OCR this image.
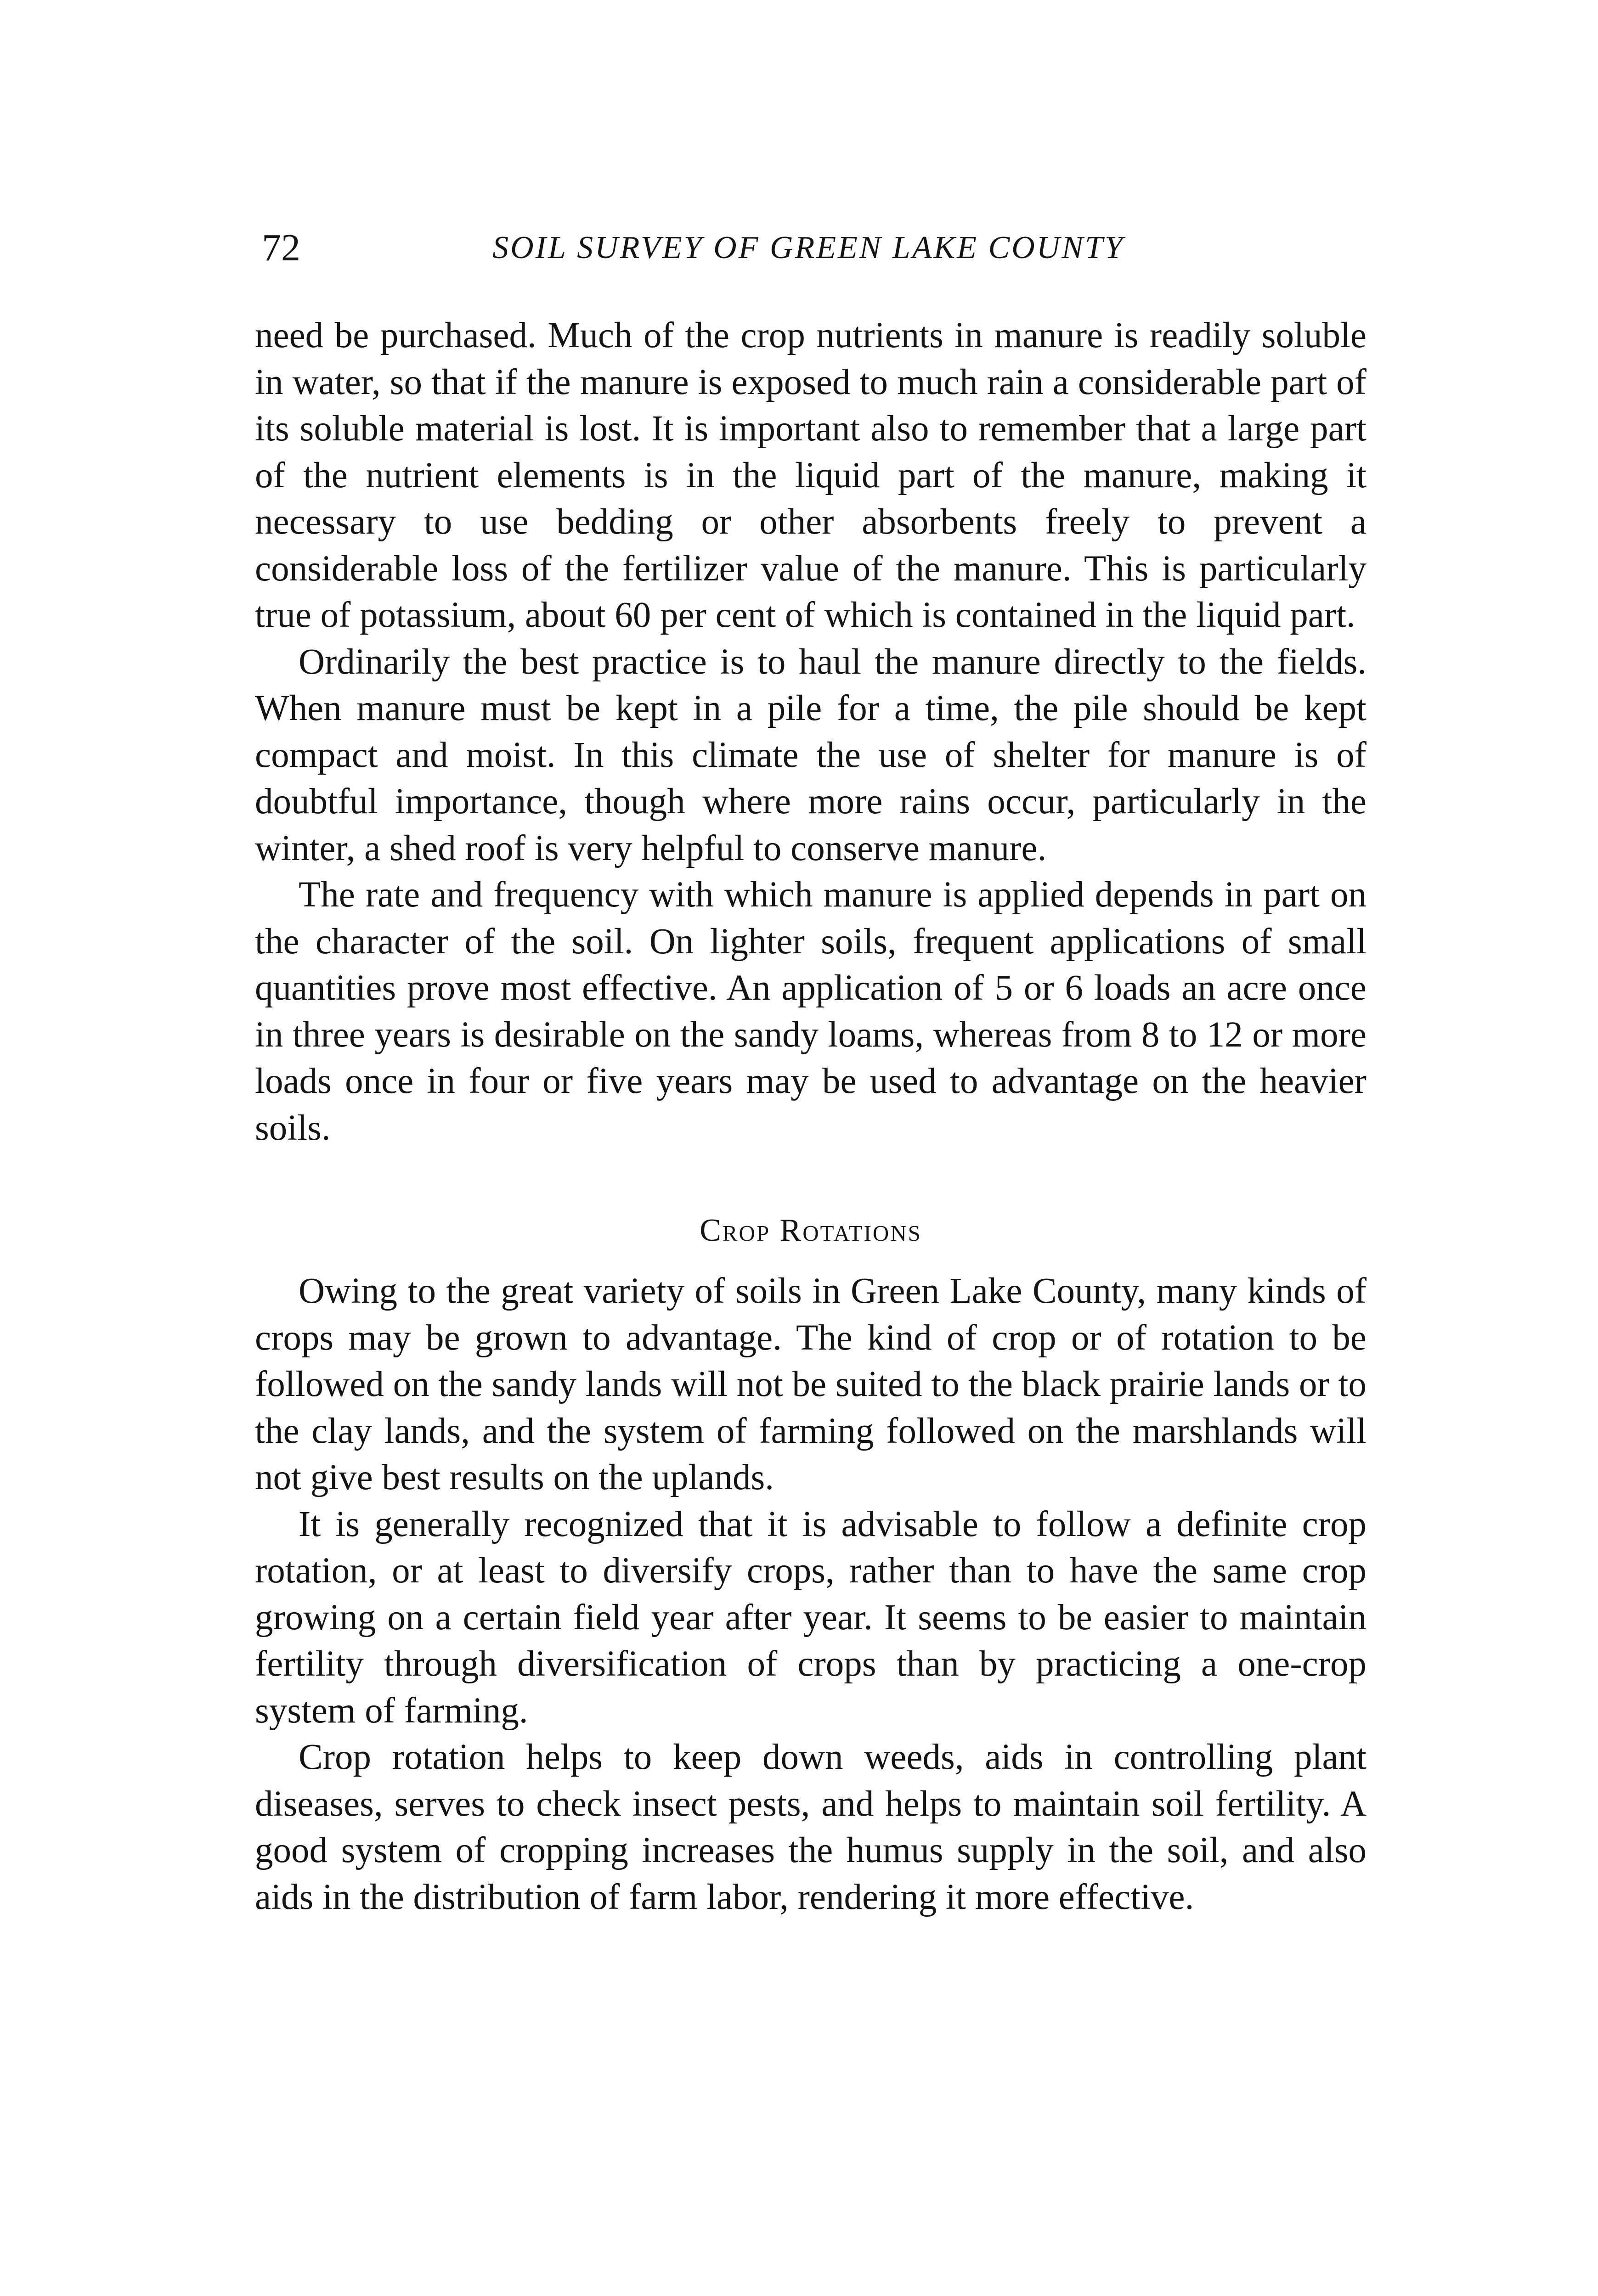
72	SOIL SURVEY OF GREEN LAKE COUNTY

need be purchased. Much of the crop nutrients in manure is readily soluble in water, so that if the manure is exposed to much rain a considerable part of its soluble material is lost. It is important also to remember that a large part of the nutrient elements is in the liquid part of the manure, making it necessary to use bedding or other absorbents freely to prevent a considerable loss of the fertilizer value of the manure. This is particularly true of potassium, about 60 per cent of which is contained in the liquid part.

Ordinarily the best practice is to haul the manure directly to the fields. When manure must be kept in a pile for a time, the pile should be kept compact and moist. In this climate the use of shelter for manure is of doubtful importance, though where more rains occur, particularly in the winter, a shed roof is very helpful to conserve manure.

The rate and frequency with which manure is applied depends in part on the character of the soil. On lighter soils, frequent applications of small quantities prove most effective. An application of 5 or 6 loads an acre once in three years is desirable on the sandy loams, whereas from 8 to 12 or more loads once in four or five years may be used to advantage on the heavier soils.

Crop Rotations

Owing to the great variety of soils in Green Lake County, many kinds of crops may be grown to advantage. The kind of crop or of rotation to be followed on the sandy lands will not be suited to the black prairie lands or to the clay lands, and the system of farming followed on the marshlands will not give best results on the uplands.

It is generally recognized that it is advisable to follow a definite crop rotation, or at least to diversify crops, rather than to have the same crop growing on a certain field year after year. It seems to be easier to maintain fertility through diversification of crops than by practicing a one-crop system of farming.

Crop rotation helps to keep down weeds, aids in controlling plant diseases, serves to check insect pests, and helps to maintain soil fertility. A good system of cropping increases the humus supply in the soil, and also aids in the distribution of farm labor, rendering it more effective.
